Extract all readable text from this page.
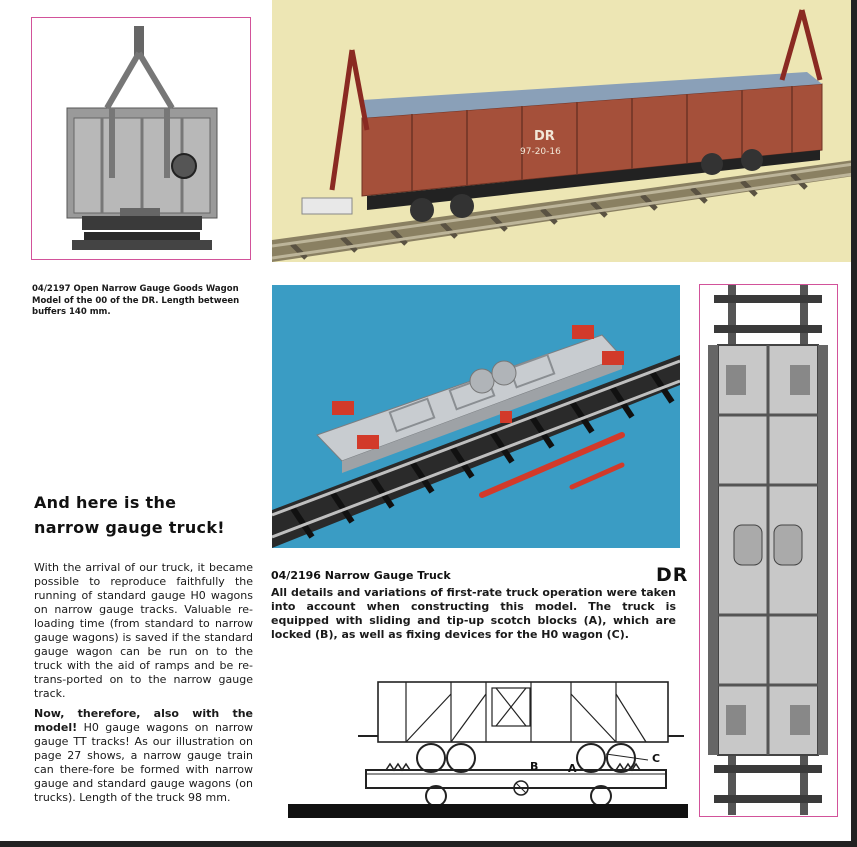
DR
97-20-16
04/2197 Open Narrow Gauge Goods Wagon Model of the 00 of the DR. Length between buffers 140 mm.
And here is the
narrow gauge truck!

With the arrival of our truck, it became possible to reproduce faithfully the running of standard gauge H0 wagons on narrow gauge tracks. Valuable re-loading time (from standard to narrow gauge wagons) is saved if the standard gauge wagon can be run on to the truck with the aid of ramps and be re-trans-ported on to the narrow gauge track.

Now, therefore, also with the model! H0 gauge wagons on narrow gauge TT tracks! As our illustration on page 27 shows, a narrow gauge train can there-fore be formed with narrow gauge and standard gauge wagons (on trucks). Length of the truck 98 mm.

04/2196 Narrow Gauge Truck	DR
All details and variations of first-rate truck operation were taken into account when constructing this model. The truck is equipped with sliding and tip-up scotch blocks (A), which are locked (B), as well as fixing devices for the H0 wagon (C).
B	A
C
